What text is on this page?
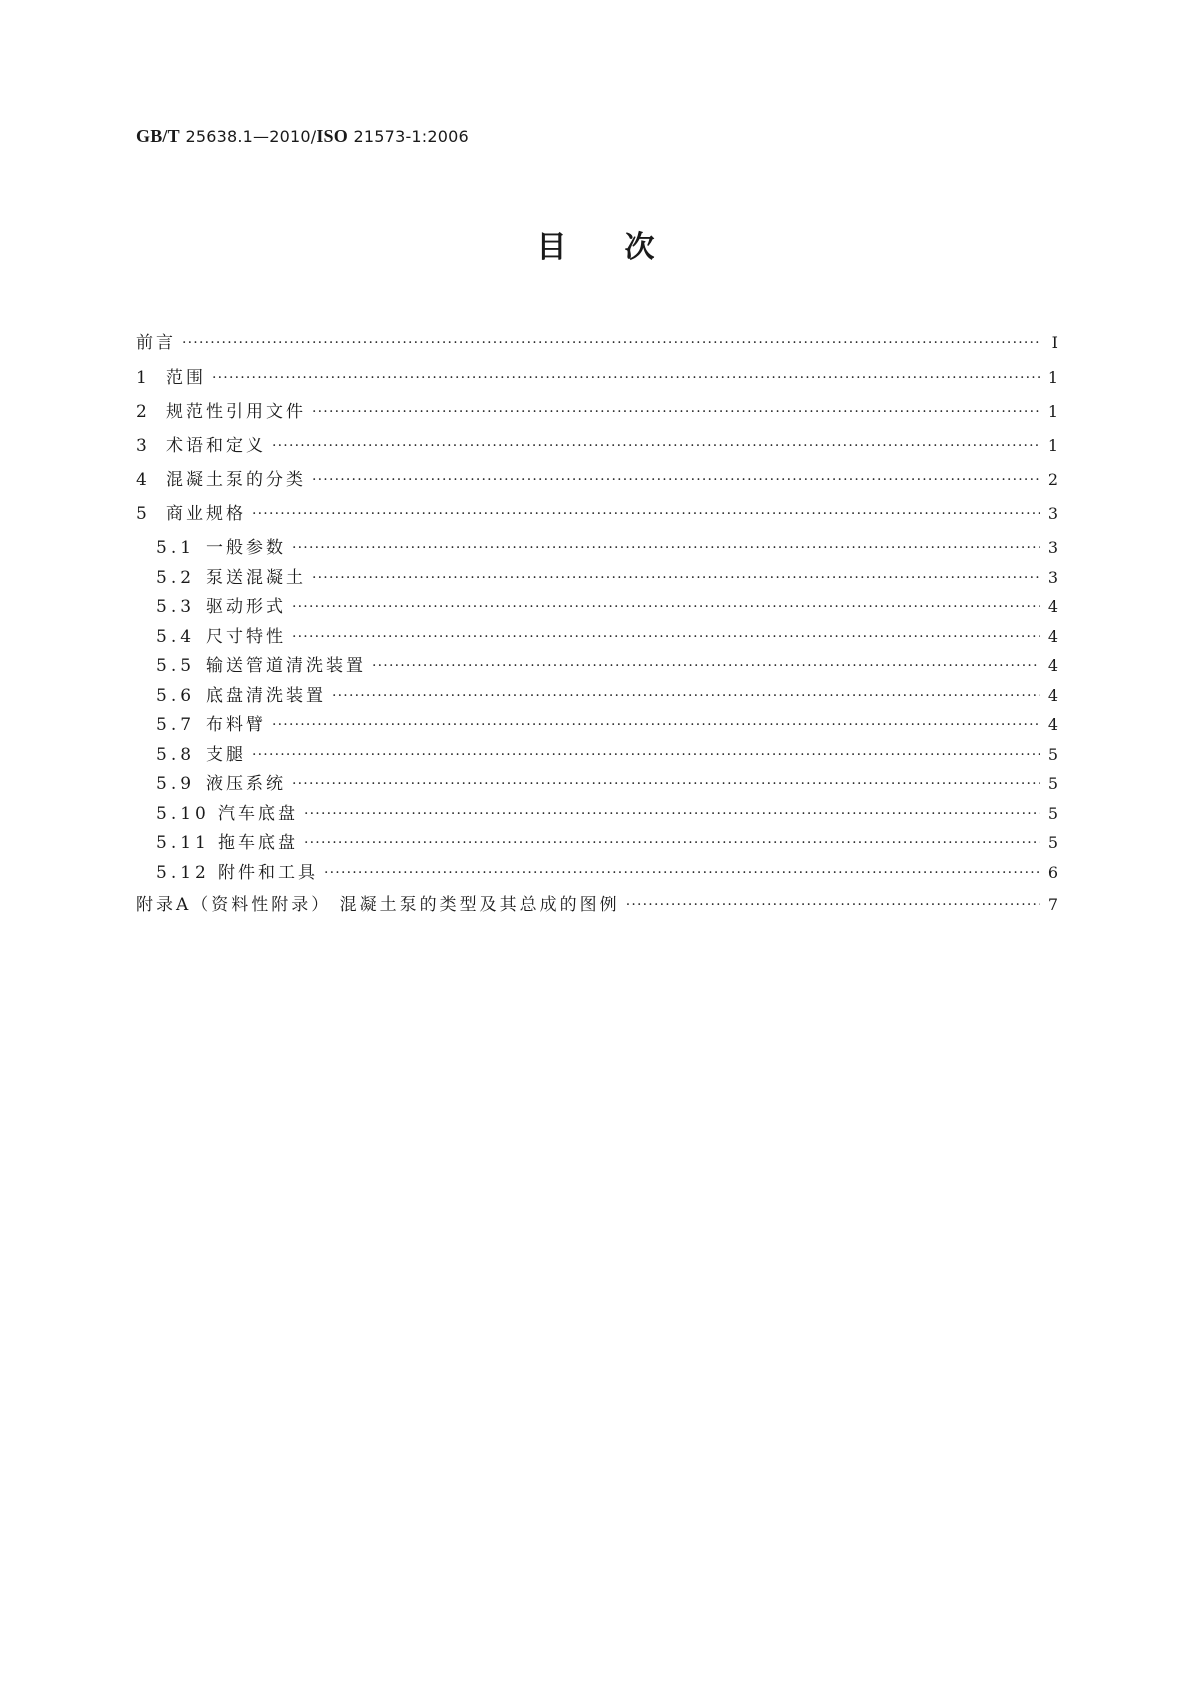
GB/T 25638.1—2010/ISO 21573-1:2006
目次
前言 ·····	Ⅰ
1 范围 ·····	1
2 规范性引用文件 ·····	1
3 术语和定义 ·····	1
4 混凝土泵的分类 ·····	2
5 商业规格 ·····	3
5.1 一般参数 ·····	3
5.2 泵送混凝土 ·····	3
5.3 驱动形式 ·····	4
5.4 尺寸特性 ·····	4
5.5 输送管道清洗装置 ·····	4
5.6 底盘清洗装置 ·····	4
5.7 布料臂 ·····	4
5.8 支腿 ·····	5
5.9 液压系统 ·····	5
5.10 汽车底盘 ·····	5
5.11 拖车底盘 ·····	5
5.12 附件和工具 ·····	6
附录A（资料性附录） 混凝土泵的类型及其总成的图例 ·····	7
